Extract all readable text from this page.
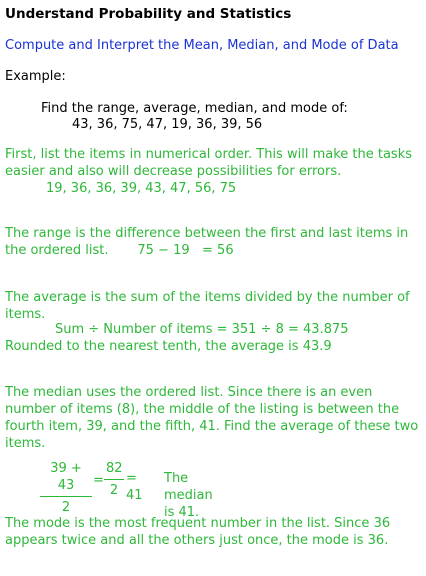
Understand Probability and Statistics
Compute and Interpret the Mean, Median, and Mode of Data
Example:
Find the range, average, median, and mode of:
43, 36, 75, 47, 19, 36, 39, 56
First, list the items in numerical order. This will make the tasks easier and also will decrease possibilities for errors.
19, 36, 36, 39, 43, 47, 56, 75
The range is the difference between the first and last items in
the ordered list.       75 − 19   = 56
The average is the sum of the items divided by the number of items.
Sum ÷ Number of items = 351 ÷ 8 = 43.875
Rounded to the nearest tenth, the average is 43.9
The median uses the ordered list. Since there is an even number of items (8), the middle of the listing is between the fourth item, 39, and the fifth, 41. Find the average of these two items.
39 + 43
2
=
82
2
= 41
The median is 41.
The mode is the most frequent number in the list. Since 36 appears twice and all the others just once, the mode is 36.
